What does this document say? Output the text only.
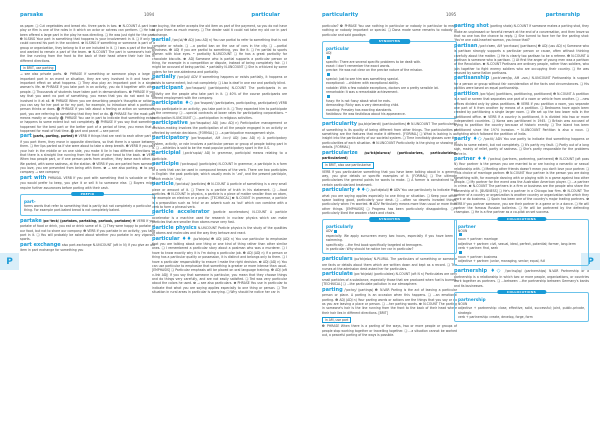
parsake	1094	particular
P
as paper. ❏ Cut vegetables and bread etc. three parts in two. ❸ N-COUNT A part in a play or film is one of the roles in it which an actor or actress can perform. ❏ He had been offered a large part in the play he was directing. ❏ He was just right for the part. ❹ N-SING Your part in something that happens is your involvement in it. ❏ If only he could conceal his part in the accident. ❺ N-SING If something or someone is part of a group or organization, they belong to it or are included in it. ❏ I was a part of the team and wanted to remain a part of the team. ❻ N-COUNT The part in someone's hair is the line running from the front to the back of their head where their hair lies in different directions.
in BRIT, use parting
→ see also private parts. ❼ PHRASE If something or someone plays a large or important part in an event or situation, they are very involved in it and have an important effect on what happens. ❏ They also play an important part in a single woman's life. ❽ PHRASE If you take part in an activity, you do it together with other people. ❏ Thousands of students have taken part in demonstrations. ❾ PHRASE If you say that you want no part of something, you mean that you do not want to be involved in it at all. ❿ PHRASE When you are describing people's thoughts or actions, you can say for her part or for my part, for example, to introduce what a particular person thinks or does. ⓫ PHRASE If you talk about a feeling or action on someone's part, you are referring to something that they feel or do. ⓬ PHRASE For the most part means mostly or usually. ⓭ PHRASE You use in part to indicate that something exists or happens to some extent but not completely. ⓮ PHRASE If you say that something happened for the best part or the better part of a period of time, you mean that it happened for most of that time. ⓯ part and parcel → see parcel
part (parts, parting, parted) ❶ VERB If things that are next to each other part or if you part them, they move in opposite directions, so that there is a space between them. ❏ Her lips parted as if she were about to take a deep breath. ❷ VERB If you part your hair in the middle or on one side, you make it lie in two different directions so that there is a straight line running from the front of your head to the back. ❸ VERB When two people part, or if one person parts from another, they leave each other. ❏ We parted, with some sadness, at the station. ❹ VERB If you are parted from someone you love, you are prevented from being with them. ❺ → see also parting. ❻ to part company → see company
part with PHRASAL VERB If you part with something that is valuable or that you would prefer to keep, you give it or sell it to someone else. ❏ Buyers might require further assurances before parting with their cash.
PREFIX
part-
forms words that refer to something that is partly but not completely a particular thing. For example part-baked bread is not completely baked.
partake /pɑːˈteɪk/ (partakes, partaking, partook, partaken) ❶ VERB If you partake of food or drink, you eat or drink some of it. ❏ They were happy to partake of our food, but not to share our company. ❷ VERB If you partake in an activity, you take part in it. ❏ You will probably be asked about whether you partake in any vigorous sports.
part exchange also part-exchange N-UNCOUNT (oft in N) If you give an old item in part exchange for something you
are buying, the seller accepts the old item as part of the payment, so you do not have to give them as much money. ❏ The dealer said it could not take my old car in part exchange.
partial /ˈpɑːʃəl/ ❶ ADJ (usu ADJ n) You use partial to refer to something that is not complete or whole. ❏ ...a partial ban on the use of cars in the city. ❏ ...partial blindness. ❷ ADJ If you are partial to something, you like it. ❏ I'm partial to sports women with blue eyes. • partiality N-UNCOUNT ❏ He has a great partiality for chocolate biscuits. ❸ ADJ Someone who is partial supports a particular person or thing, for example in a competition or dispute, instead of being completely fair. ❏ I might be accused of being partial. • partiality N-UNCOUNT ❏ She is criticized by some voters for her one-sidedness and partiality.
partially /ˈpɑːʃəli/ ADV If something happens or exists partially, it happens or exists to some extent, but not completely. ❏ Lisa is deaf in one ear and partially blind.
participant /pɑːˈtɪsɪpənt/ (participants) N-COUNT The participants in an activity are the people who take part in it. ❏ 40% of the course participants are offered employment with the company.
participate ♦◇ /pɑːˈtɪsɪpeɪt/ (participates, participating, participated) VERB If you participate in an activity, you take part in it. ❏ They expected him to participate in the ceremony. ❏ ...special contracts at lower rates for participating corporations. • participation N-UNCOUNT ❏ ...participation in religious activities.
participative /pɑːˈtɪsɪpətɪv/ ADJ (usu ADJ n) Participative management or decision-making involves the participation of all the people engaged in an activity or affected by certain decisions. [FORMAL] ❏ ...a participative management style.
participatory /pɑːˈtɪsɪpətəri, AM -tɔːri/ ADJ (usu ADJ n) A participatory system, activity, or role involves a particular person or group of people taking part in it. ❏ ...athletics is said to be the most popular participatory sport in the U.S.
participial /ˌpɑːtɪˈsɪpiəl/ ADJ In grammar, participial means relating to a participle.
participle /ˈpɑːtɪsɪpəl/ (participles) N-COUNT In grammar, a participle is a form of a verb that can be used in compound tenses of the verb. There are two participles in English: the past participle, which usually ends in '-ed', and the present participle, which ends in '-ing'.
particle /ˈpɑːtɪkəl/ (particles) ❶ N-COUNT A particle of something is a very small piece or amount of it. ❏ There is a particle of truth in his statement. ❏ ...food particles. ❷ N-COUNT In physics, a particle is a piece of matter smaller than an atom, for example an electron or a proton. [TECHNICAL] ❸ N-COUNT In grammar, a particle is a preposition such as 'into' or an adverb such as 'out' which can combine with a verb to form a phrasal verb.
particle accelerator (particle accelerators) N-COUNT A particle accelerator is a machine used for research in nuclear physics which can make particles that are smaller than atoms move very fast.
particle physics N-UNCOUNT Particle physics is the study of the qualities of atoms and molecules and the way they behave and react.
particular ♦♦ /pəˈtɪkjʊlə/ ❶ ADJ (ADJ n) You use particular to emphasize that you are talking about one thing or one kind of thing rather than other similar ones. ❏ I remembered a particular story about a postman who was a murderer. ❏ I have to know exactly why it is I'm doing a particular job. ❷ ADJ (ADJ n) If a person or thing has a particular quality or possession, it is distinct and belongs only to them. ❏ I have a particular responsibility to ensure I make the right decision. ❸ ADJ (ADJ n) You can use particular to emphasize that something is greater or more intense than usual. [EMPHASIS] ❏ Particular emphasis will be placed on oral language training. ❹ ADJ (oft v-link ADJ) If you say that someone is particular, you mean that they choose things and do things very carefully, and are not easily satisfied. ❏ Ted was very particular about the colors he used. ❺ → see also particulars. ❻ PHRASE You use in particular to indicate that what you are saying applies especially to one thing or person. ❏ The situation in rural areas in particular is worrying. ❏ Why should he notice her car in
particularity	1095	partnership
P
particular? ❼ PHRASE You use nothing in particular or nobody in particular to mean nothing or nobody important or special. ❏ Dona made some remarks to nobody in particular and said goodbye.
SYNONYMS
particular
ADJ
specific: There are several specific problems to be dealt with.
exact: I don't remember the exact words.
precise: He was not clear on the precise nature of the mission.
special: Just to see him was something special.
exceptional: ...children with exceptional ability.
notable: With a few notable exceptions, doctors are a pretty sensible lot.
remarkable: It was a remarkable achievement.
fussy: He is not fussy about what he eats.
demanding: Ricky was a very demanding child.
exacting: Pressley has exacting standards.
fastidious: He was fastidious about his appearance.
particularity /pəˌtɪkjʊˈlærɪti/ (particularities) ❶ N-UNCOUNT The particularity of something is its quality of being different from other things. The particularities of something are the features that make it different. [FORMAL] ❏ What is lacking is an insight into the particularity of our societal system. ❏ Time inevitably glosses over the particularities of each situation. ❷ N-UNCOUNT Particularity is the giving or showing of details. [FORMAL]
particularize /pəˈtɪkjʊləraɪz/ (particularizes, particularizing, particularized)
in BRIT, also use particularise
VERB If you particularize something that you have been talking about in a general way, you give details or specific examples of it. [FORMAL] ❏ The ultimate particularizes the general points he wants to make. ❏ A former is constrained to a certain particularized treatment.
particularly ♦♦◇ /pəˈtɪkjʊləli/ ❶ ADV You use particularly to indicate that what you are saying applies especially to one thing or situation. ❏ Keep your office space looking good, particularly your desk. ❏ ...often so deserts invaded things, particularly when I'm worried. ❷ ADV Particularly means more than usual or more than other things. [EMPHASIS] ❏ Progress has been particularly disappointing. ❏ I particularly liked the wooden chairs and chairs.
SYNONYMS
particularly
ADV
especially: We apply sunscreen every two hours, especially if you have been swimming.
specifically: ...the first book specifically targeted at teenagers.
in particular: Why should he notice her car in particular?
particulars /pəˈtɪkjʊləz/ N-PLURAL The particulars of something or someone are facts or details about them which are written down and kept as a record. ❏ The nurses at the admission desk asked her for particulars.
particulate /pɑːˈtɪkjʊlət/ (particulates) N-COUNT (oft N n) Particulates are very small particles of a substance, especially those that are produced when fuel is burned. [TECHNICAL] ❏ ...the particulate pollution in our atmosphere.
parting /ˈpɑːtɪŋ/ (partings) ❶ N-VAR Parting is the act of leaving a particular person or place. A parting is an occasion when this happens. ❏ ...an emotional parting. ❷ ADJ (ADJ n) Your parting words or actions are the things that you say or do as you are leaving a place or person. ❏ ...her parting words. ❸ N-COUNT The parting in someone's hair is the line running from the front to the back of their head where their hair lies in different directions. [BRIT]
in AM, use part
❹ PHRASE When there is a parting of the ways, two or more people or groups of people stop working together or travelling together. ❏ ...a situation cannot be worked out, a peaceful parting of the ways is possible.
parting shot (parting shots) N-COUNT If someone makes a parting shot, they make an unpleasant or forceful remark at the end of a conversation, and then leave so that no one has the chance to reply. ❏ She turned to face her for the parting shot: 'You're one cold-hearted woman, you know that?'
partisan /ˌpɑːtɪˈzæn, AM ˈpɑːrtɪzən/ (partisans) ❶ ADJ (usu ADJ n) Someone who is partisan strongly supports a particular person or cause, often without thinking carefully about the matter. ❏ He is clearly too partisan to be a referee. ❷ N-COUNT A partisan is someone who is partisan. ❏ At first the anger of young men was a partisan of the Revolution. ❸ N-COUNT Partisans are ordinary people, rather than soldiers, who join together to fight enemy soldiers who are occupying their country. ❏ He was rescued by some Italian partisans.
partisanship /ˌpɑːtɪˈzænʃɪp, AM -zən-/ N-UNCOUNT Partisanship is support for a person or group without fair consideration of the facts and circumstances. ❏ His politics were based on equal partisanship.
partition /pɑːˈtɪʃən/ (partitions, partitioning, partitioned) ❶ N-COUNT A partition is a wall or screen that separates one part of a room or vehicle from another. ❏ ...new offices divided only by glass partitions. ❷ VERB If you partition a room, you separate one part of it from another by means of a partition. ❏ Bedrooms have again been created by partitioning a single larger room. ❏ We set up the two lower rails in the partitioned office. ❸ VERB If a country is partitioned, it is divided into two or more independent countries. ❏ Korea was partitioned in 1945. ❏ Britain was accused of trying to partition the country because of historic enmity. ❏ The island has been partitioned since the 1974 invasion. • N-UNCOUNT Partition is also a noun. ❏ ...fighting which followed the partition of India.
partly ♦◇ /ˈpɑːtli/ ADV You use partly to indicate that something happens or exists to some extent, but not completely. ❏ It's partly my fault. ❏ Partly out of a long sigh, mainly of relief, partly of sadness. ❏ She's partly responsible for the problems we're in.
partner ♦♦ /ˈpɑːtnə/ (partners, partnering, partnered) ❶ N-COUNT (oft poss N) Your partner is the person you are married to or are having a romantic or sexual relationship with. ❏ Meeting other friends doesn't mean you don't love your partner. ❏ ...his choice of marriage partner. ❷ N-COUNT Your partner is the person you are doing something with, for example dancing with or playing with in a game against two other people. ❏ My partner for the event was the Australian American player. ❏ ...a partner in crime. ❸ N-COUNT The partners in a firm or business are the people who share the ownership of it. [BUSINESS] ❏ He's a partner in a Chicago law firm. ❹ N-COUNT The partner of a country or organization is another country or organization with which they work or do business. ❏ Spain has been one of the country's major trading partners. ❺ VERB If you partner someone, you are their partner in a game or in a dance. ❏ He will partner the famous Russian ballerina. ❏ He will be partnered by the defending champion. ❏ He is a fine partner as a co-pilot on set success.
COLLOCATIONS
partner
NOUN
noun + partner: marriage
adjective + partner: civil, sexual, ideal, perfect, potential; former, long-term
verb + partner: find, seek
noun + partner: business
adjective + partner: junior, managing, senior; equal, full
partnership ♦◇ /ˈpɑːtnəʃɪp/ (partnerships) N-VAR Partnership or a partnership is a relationship in which two or more people, organizations, or countries work together as partners. ❏ ...between ...the partnership between Germany's banks and its businesses.
COLLOCATIONS
partnership
NOUN
adjective + partnership: close, effective, solid, successful; joint, public-private, strategic
verb + partnership: create, develop, forge, form
